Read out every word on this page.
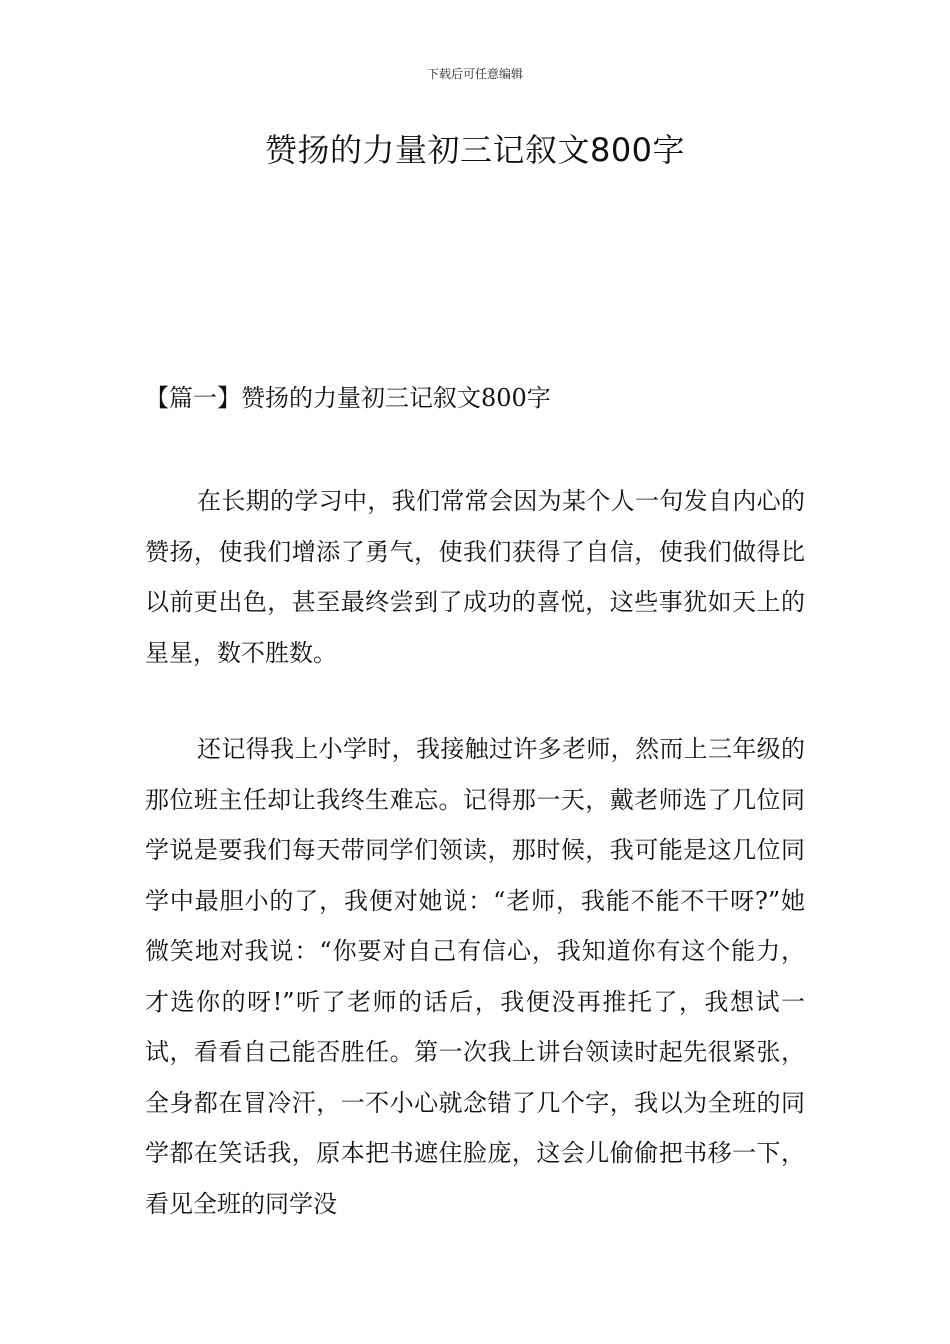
下载后可任意编辑
赞扬的力量初三记叙文800字
【篇一】赞扬的力量初三记叙文800字

在长期的学习中，我们常常会因为某个人一句发自内心的赞扬，使我们增添了勇气，使我们获得了自信，使我们做得比以前更出色，甚至最终尝到了成功的喜悦，这些事犹如天上的星星，数不胜数。

还记得我上小学时，我接触过许多老师，然而上三年级的那位班主任却让我终生难忘。记得那一天，戴老师选了几位同学说是要我们每天带同学们领读，那时候，我可能是这几位同学中最胆小的了，我便对她说：“老师，我能不能不干呀?”她微笑地对我说：“你要对自己有信心，我知道你有这个能力，才选你的呀!”听了老师的话后，我便没再推托了，我想试一试，看看自己能否胜任。第一次我上讲台领读时起先很紧张，全身都在冒冷汗，一不小心就念错了几个字，我以为全班的同学都在笑话我，原本把书遮住脸庞，这会儿偷偷把书移一下，看见全班的同学没
